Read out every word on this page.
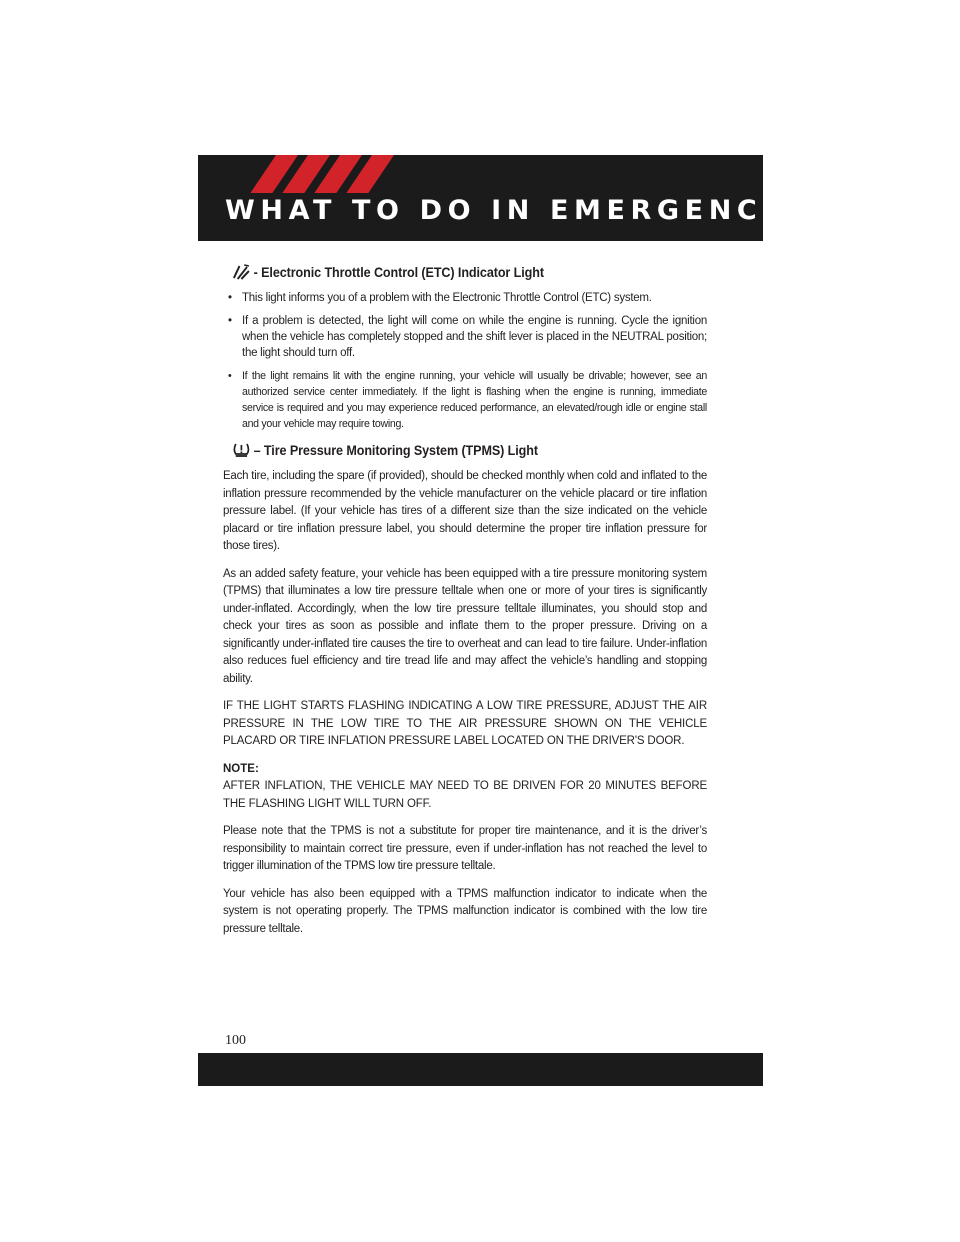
WHAT TO DO IN EMERGENCIES
- Electronic Throttle Control (ETC) Indicator Light
• This light informs you of a problem with the Electronic Throttle Control (ETC) system.
• If a problem is detected, the light will come on while the engine is running. Cycle the ignition when the vehicle has completely stopped and the shift lever is placed in the NEUTRAL position; the light should turn off.
• If the light remains lit with the engine running, your vehicle will usually be drivable; however, see an authorized service center immediately. If the light is flashing when the engine is running, immediate service is required and you may experience reduced performance, an elevated/rough idle or engine stall and your vehicle may require towing.
– Tire Pressure Monitoring System (TPMS) Light

Each tire, including the spare (if provided), should be checked monthly when cold and inflated to the inflation pressure recommended by the vehicle manufacturer on the vehicle placard or tire inflation pressure label. (If your vehicle has tires of a different size than the size indicated on the vehicle placard or tire inflation pressure label, you should determine the proper tire inflation pressure for those tires).

As an added safety feature, your vehicle has been equipped with a tire pressure monitoring system (TPMS) that illuminates a low tire pressure telltale when one or more of your tires is significantly under-inflated. Accordingly, when the low tire pressure telltale illuminates, you should stop and check your tires as soon as possible and inflate them to the proper pressure. Driving on a significantly under-inflated tire causes the tire to overheat and can lead to tire failure. Under-inflation also reduces fuel efficiency and tire tread life and may affect the vehicle’s handling and stopping ability.

IF THE LIGHT STARTS FLASHING INDICATING A LOW TIRE PRESSURE, ADJUST THE AIR PRESSURE IN THE LOW TIRE TO THE AIR PRESSURE SHOWN ON THE VEHICLE PLACARD OR TIRE INFLATION PRESSURE LABEL LOCATED ON THE DRIVER'S DOOR.

NOTE:

AFTER INFLATION, THE VEHICLE MAY NEED TO BE DRIVEN FOR 20 MINUTES BEFORE THE FLASHING LIGHT WILL TURN OFF.

Please note that the TPMS is not a substitute for proper tire maintenance, and it is the driver’s responsibility to maintain correct tire pressure, even if under-inflation has not reached the level to trigger illumination of the TPMS low tire pressure telltale.

Your vehicle has also been equipped with a TPMS malfunction indicator to indicate when the system is not operating properly. The TPMS malfunction indicator is combined with the low tire pressure telltale.

100
